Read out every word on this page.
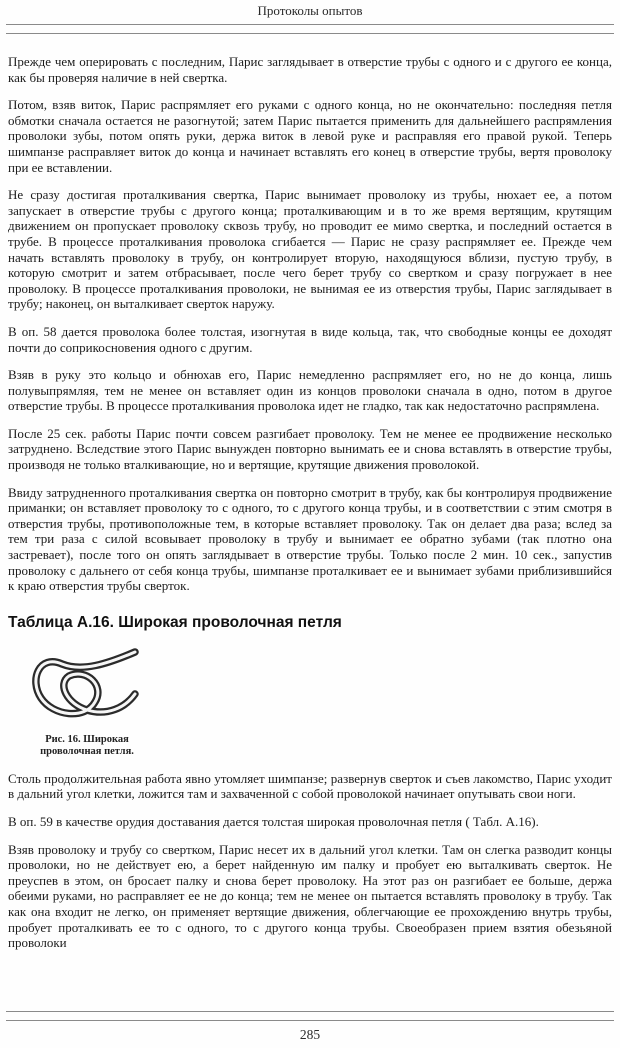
Протоколы опытов

Прежде чем оперировать с последним, Парис заглядывает в отверстие трубы с одного и с другого ее конца, как бы проверяя наличие в ней свертка.

Потом, взяв виток, Парис распрямляет его руками с одного конца, но не окончательно: последняя петля обмотки сначала остается не разогнутой; затем Парис пытается применить для дальнейшего распрямления проволоки зубы, потом опять руки, держа виток в левой руке и расправляя его правой рукой. Теперь шимпанзе расправляет виток до конца и начинает вставлять его конец в отверстие трубы, вертя проволоку при ее вставлении.

Не сразу достигая проталкивания свертка, Парис вынимает проволоку из трубы, нюхает ее, а потом запускает в отверстие трубы с другого конца; проталкивающим и в то же время вертящим, крутящим движением он пропускает проволоку сквозь трубу, но проводит ее мимо свертка, и последний остается в трубе. В процессе проталкивания проволока сгибается — Парис не сразу распрямляет ее. Прежде чем начать вставлять проволоку в трубу, он контролирует вторую, находящуюся вблизи, пустую трубу, в которую смотрит и затем отбрасывает, после чего берет трубу со свертком и сразу погружает в нее проволоку. В процессе проталкивания проволоки, не вынимая ее из отверстия трубы, Парис заглядывает в трубу; наконец, он выталкивает сверток наружу.

В оп. 58 дается проволока более толстая, изогнутая в виде кольца, так, что свободные концы ее доходят почти до соприкосновения одного с другим.

Взяв в руку это кольцо и обнюхав его, Парис немедленно распрямляет его, но не до конца, лишь полувыпрямляя, тем не менее он вставляет один из концов проволоки сначала в одно, потом в другое отверстие трубы. В процессе проталкивания проволока идет не гладко, так как недостаточно распрямлена.

После 25 сек. работы Парис почти совсем разгибает проволоку. Тем не менее ее продвижение несколько затруднено. Вследствие этого Парис вынужден повторно вынимать ее и снова вставлять в отверстие трубы, производя не только вталкивающие, но и вертящие, крутящие движения проволокой.

Ввиду затрудненного проталкивания свертка он повторно смотрит в трубу, как бы контролируя продвижение приманки; он вставляет проволоку то с одного, то с другого конца трубы, и в соответствии с этим смотря в отверстия трубы, противоположные тем, в которые вставляет проволоку. Так он делает два раза; вслед за тем три раза с силой всовывает проволоку в трубу и вынимает ее обратно зубами (так плотно она застревает), после того он опять заглядывает в отверстие трубы. Только после 2 мин. 10 сек., запустив проволоку с дальнего от себя конца трубы, шимпанзе проталкивает ее и вынимает зубами приблизившийся к краю отверстия трубы сверток.

Таблица А.16. Широкая проволочная петля
Рис. 16. Широкая
проволочная петля.

Столь продолжительная работа явно утомляет шимпанзе; развернув сверток и съев лакомство, Парис уходит в дальний угол клетки, ложится там и захваченной с собой проволокой начинает опутывать свои ноги.

В оп. 59 в качестве орудия доставания дается толстая широкая проволочная петля ( Табл. А.16).

Взяв проволоку и трубу со свертком, Парис несет их в дальний угол клетки. Там он слегка разводит концы проволоки, но не действует ею, а берет найденную им палку и пробует ею выталкивать сверток. Не преуспев в этом, он бросает палку и снова берет проволоку. На этот раз он разгибает ее больше, держа обеими руками, но расправляет ее не до конца; тем не менее он пытается вставлять проволоку в трубу. Так как она входит не легко, он применяет вертящие движения, облегчающие ее прохождению внутрь трубы, пробует проталкивать ее то с одного, то с другого конца трубы. Своеобразен прием взятия обезьяной проволоки

285
